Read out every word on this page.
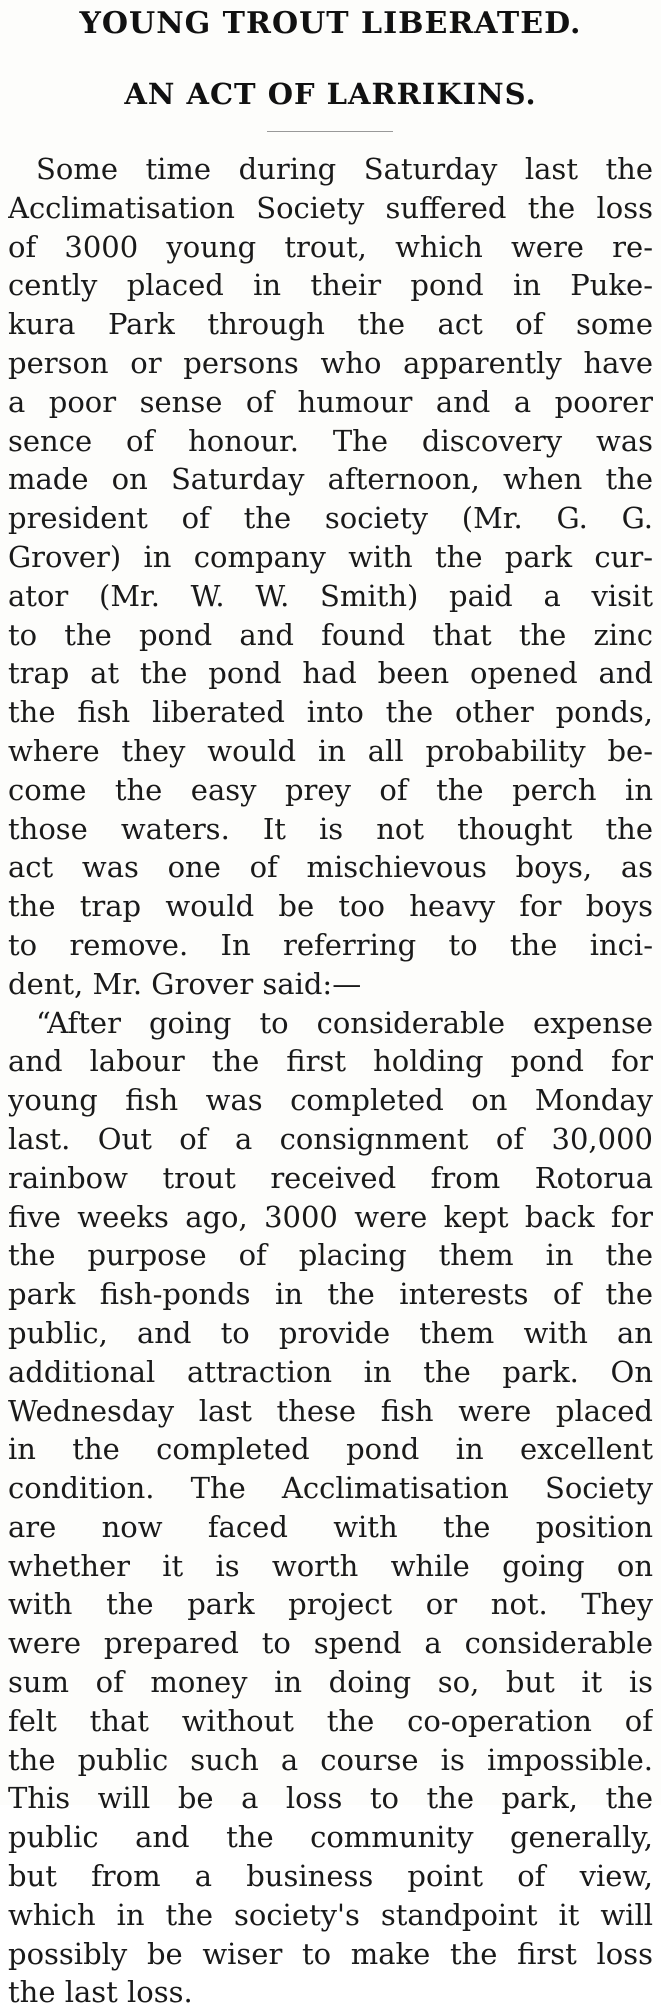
YOUNG TROUT LIBERATED.
AN ACT OF LARRIKINS.
Some time during Saturday last the
Acclimatisation Society suffered the loss
of 3000 young trout, which were re-
cently placed in their pond in Puke-
kura Park through the act of some
person or persons who apparently have
a poor sense of humour and a poorer
sence of honour. The discovery was
made on Saturday afternoon, when the
president of the society (Mr. G. G.
Grover) in company with the park cur-
ator (Mr. W. W. Smith) paid a visit
to the pond and found that the zinc
trap at the pond had been opened and
the fish liberated into the other ponds,
where they would in all probability be-
come the easy prey of the perch in
those waters. It is not thought the
act was one of mischievous boys, as
the trap would be too heavy for boys
to remove. In referring to the inci-
dent, Mr. Grover said:—
“After going to considerable expense
and labour the first holding pond for
young fish was completed on Monday
last. Out of a consignment of 30,000
rainbow trout received from Rotorua
five weeks ago, 3000 were kept back for
the purpose of placing them in the
park fish-ponds in the interests of the
public, and to provide them with an
additional attraction in the park. On
Wednesday last these fish were placed
in the completed pond in excellent
condition. The Acclimatisation Society
are now faced with the position
whether it is worth while going on
with the park project or not. They
were prepared to spend a considerable
sum of money in doing so, but it is
felt that without the co-operation of
the public such a course is impossible.
This will be a loss to the park, the
public and the community generally,
but from a business point of view,
which in the society's standpoint it will
possibly be wiser to make the first loss
the last loss.
